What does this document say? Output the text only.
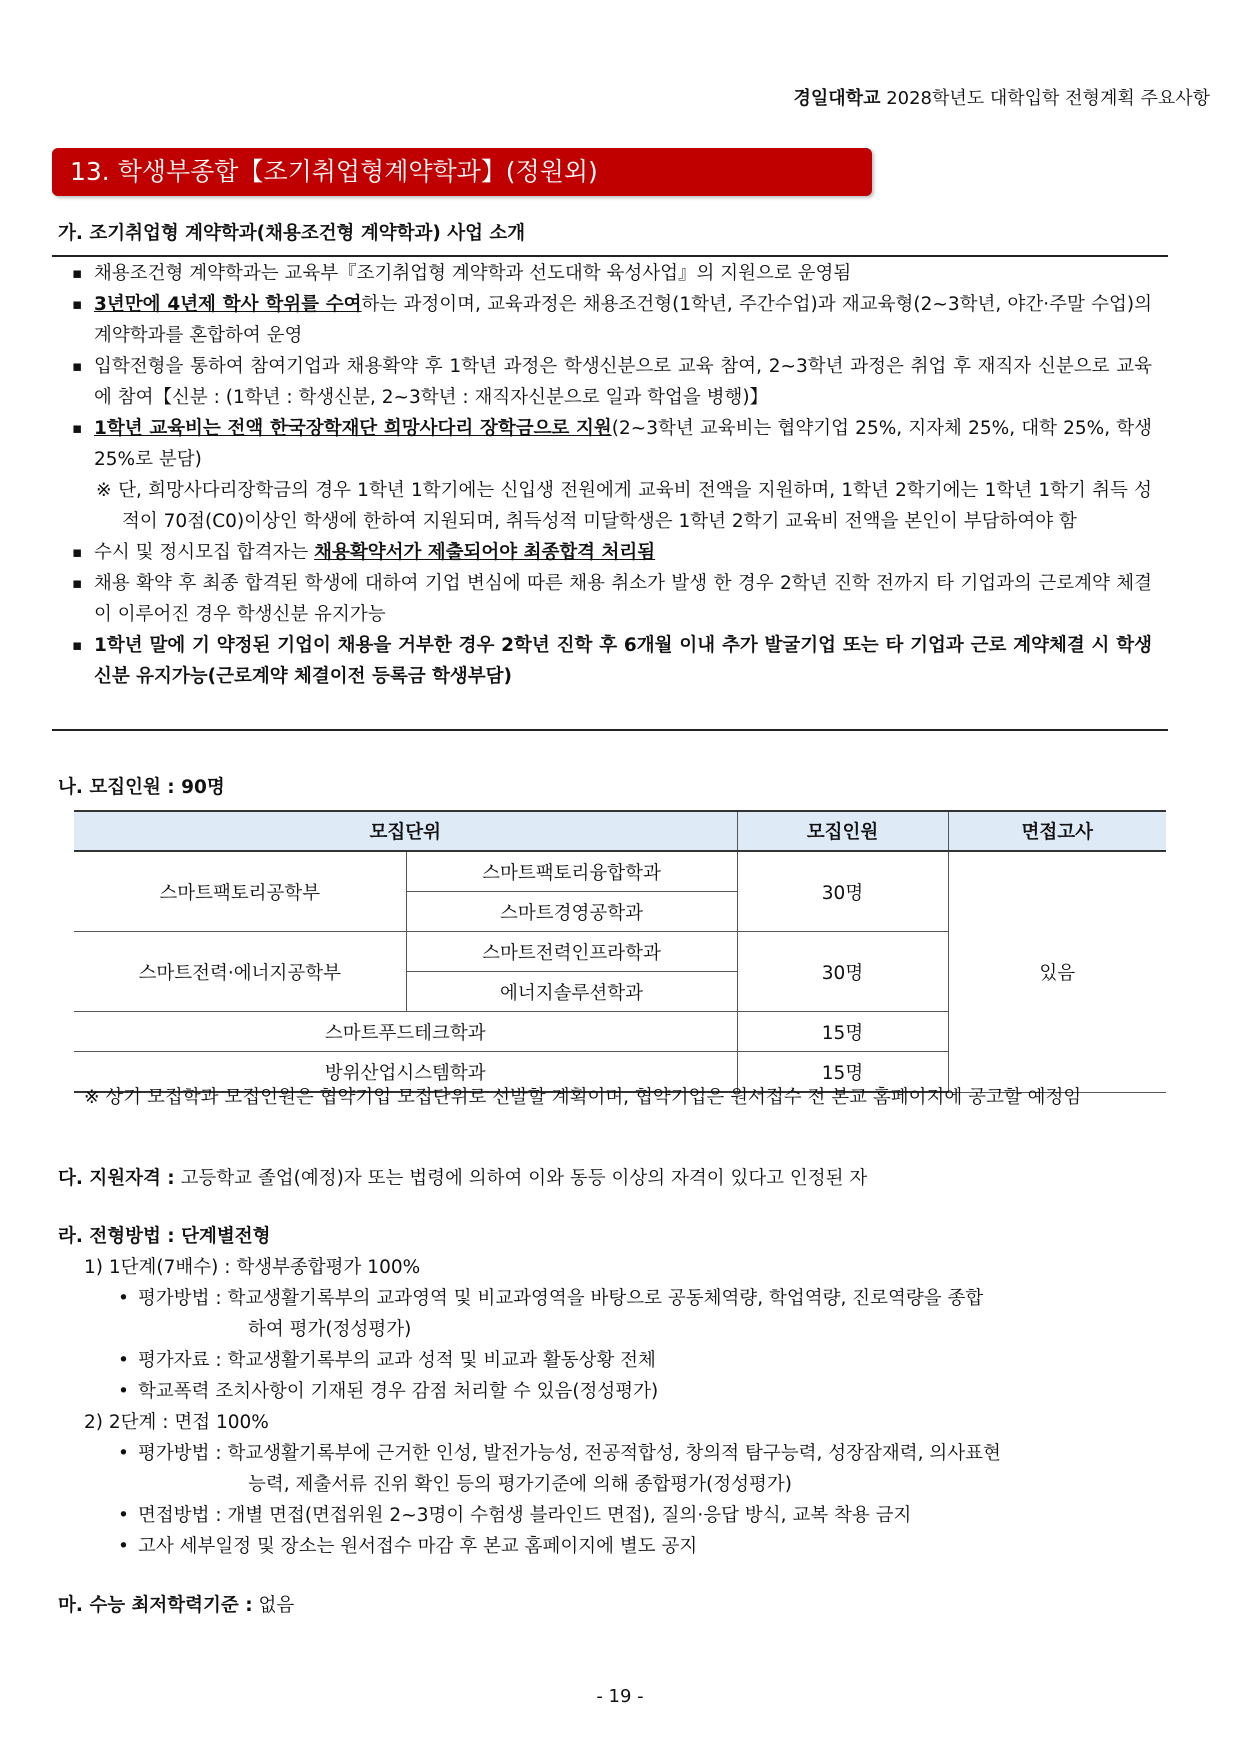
경일대학교 2028학년도 대학입학 전형계획 주요사항
13. 학생부종합【조기취업형계약학과】(정원외)
가. 조기취업형 계약학과(채용조건형 계약학과) 사업 소개
▪ 채용조건형 계약학과는 교육부『조기취업형 계약학과 선도대학 육성사업』의 지원으로 운영됨
▪ 3년만에 4년제 학사 학위를 수여하는 과정이며, 교육과정은 채용조건형(1학년, 주간수업)과 재교육형(2~3학년, 야간·주말 수업)의 계약학과를 혼합하여 운영
▪ 입학전형을 통하여 참여기업과 채용확약 후 1학년 과정은 학생신분으로 교육 참여, 2~3학년 과정은 취업 후 재직자 신분으로 교육에 참여【신분 : (1학년 : 학생신분, 2~3학년 : 재직자신분으로 일과 학업을 병행)】
▪ 1학년 교육비는 전액 한국장학재단 희망사다리 장학금으로 지원(2~3학년 교육비는 협약기업 25%, 지자체 25%, 대학 25%, 학생 25%로 분담)
※ 단, 희망사다리장학금의 경우 1학년 1학기에는 신입생 전원에게 교육비 전액을 지원하며, 1학년 2학기에는 1학년 1학기 취득 성적이 70점(C0)이상인 학생에 한하여 지원되며, 취득성적 미달학생은 1학년 2학기 교육비 전액을 본인이 부담하여야 함
▪ 수시 및 정시모집 합격자는 채용확약서가 제출되어야 최종합격 처리됨
▪ 채용 확약 후 최종 합격된 학생에 대하여 기업 변심에 따른 채용 취소가 발생 한 경우 2학년 진학 전까지 타 기업과의 근로계약 체결이 이루어진 경우 학생신분 유지가능
▪ 1학년 말에 기 약정된 기업이 채용을 거부한 경우 2학년 진학 후 6개월 이내 추가 발굴기업 또는 타 기업과 근로 계약체결 시 학생신분 유지가능(근로계약 체결이전 등록금 학생부담)
나. 모집인원 : 90명
모집단위		모집인원	면접고사
스마트팩토리공학부	스마트팩토리융합학과	30명	있음
	스마트경영공학과		
스마트전력·에너지공학부	스마트전력인프라학과	30명	
	에너지솔루션학과		
스마트푸드테크학과		15명	
방위산업시스템학과		15명	
※ 상기 모집학과 모집인원은 협약기업 모집단위로 선발할 계획이며, 협약기업은 원서접수 전 본교 홈페이지에 공고할 예정임
다. 지원자격 : 고등학교 졸업(예정)자 또는 법령에 의하여 이와 동등 이상의 자격이 있다고 인정된 자
라. 전형방법 : 단계별전형
1) 1단계(7배수) : 학생부종합평가 100%
• 평가방법 : 학교생활기록부의 교과영역 및 비교과영역을 바탕으로 공동체역량, 학업역량, 진로역량을 종합
하여 평가(정성평가)
• 평가자료 : 학교생활기록부의 교과 성적 및 비교과 활동상황 전체
• 학교폭력 조치사항이 기재된 경우 감점 처리할 수 있음(정성평가)
2) 2단계 : 면접 100%
• 평가방법 : 학교생활기록부에 근거한 인성, 발전가능성, 전공적합성, 창의적 탐구능력, 성장잠재력, 의사표현
능력, 제출서류 진위 확인 등의 평가기준에 의해 종합평가(정성평가)
• 면접방법 : 개별 면접(면접위원 2~3명이 수험생 블라인드 면접), 질의·응답 방식, 교복 착용 금지
• 고사 세부일정 및 장소는 원서접수 마감 후 본교 홈페이지에 별도 공지
마. 수능 최저학력기준 : 없음
- 19 -
